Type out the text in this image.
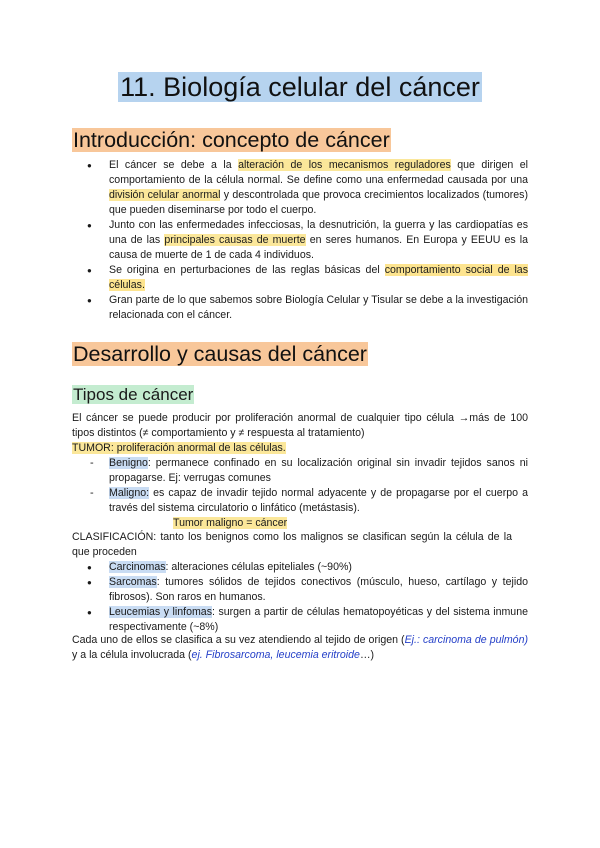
11. Biología celular del cáncer
Introducción: concepto de cáncer
● El cáncer se debe a la alteración de los mecanismos reguladores que dirigen el comportamiento de la célula normal. Se define como una enfermedad causada por una división celular anormal y descontrolada que provoca crecimientos localizados (tumores) que pueden diseminarse por todo el cuerpo.
● Junto con las enfermedades infecciosas, la desnutrición, la guerra y las cardiopatías es una de las principales causas de muerte en seres humanos. En Europa y EEUU es la causa de muerte de 1 de cada 4 individuos.
● Se origina en perturbaciones de las reglas básicas del comportamiento social de las células.
● Gran parte de lo que sabemos sobre Biología Celular y Tisular se debe a la investigación relacionada con el cáncer.
Desarrollo y causas del cáncer
Tipos de cáncer

El cáncer se puede producir por proliferación anormal de cualquier tipo célula →más de 100 tipos distintos (≠ comportamiento y ≠ respuesta al tratamiento)

TUMOR: proliferación anormal de las células.

- Benigno: permanece confinado en su localización original sin invadir tejidos sanos ni propagarse. Ej: verrugas comunes
- Maligno: es capaz de invadir tejido normal adyacente y de propagarse por el cuerpo a través del sistema circulatorio o linfático (metástasis).

Tumor maligno = cáncer

CLASIFICACIÓN: tanto los benignos como los malignos se clasifican según la célula de la que proceden

● Carcinomas: alteraciones células epiteliales (~90%)
● Sarcomas: tumores sólidos de tejidos conectivos (músculo, hueso, cartílago y tejido fibrosos). Son raros en humanos.
● Leucemias y linfomas: surgen a partir de células hematopoyéticas y del sistema inmune respectivamente (~8%)

Cada uno de ellos se clasifica a su vez atendiendo al tejido de origen (Ej.: carcinoma de pulmón) y a la célula involucrada (ej. Fibrosarcoma, leucemia eritroide…)
